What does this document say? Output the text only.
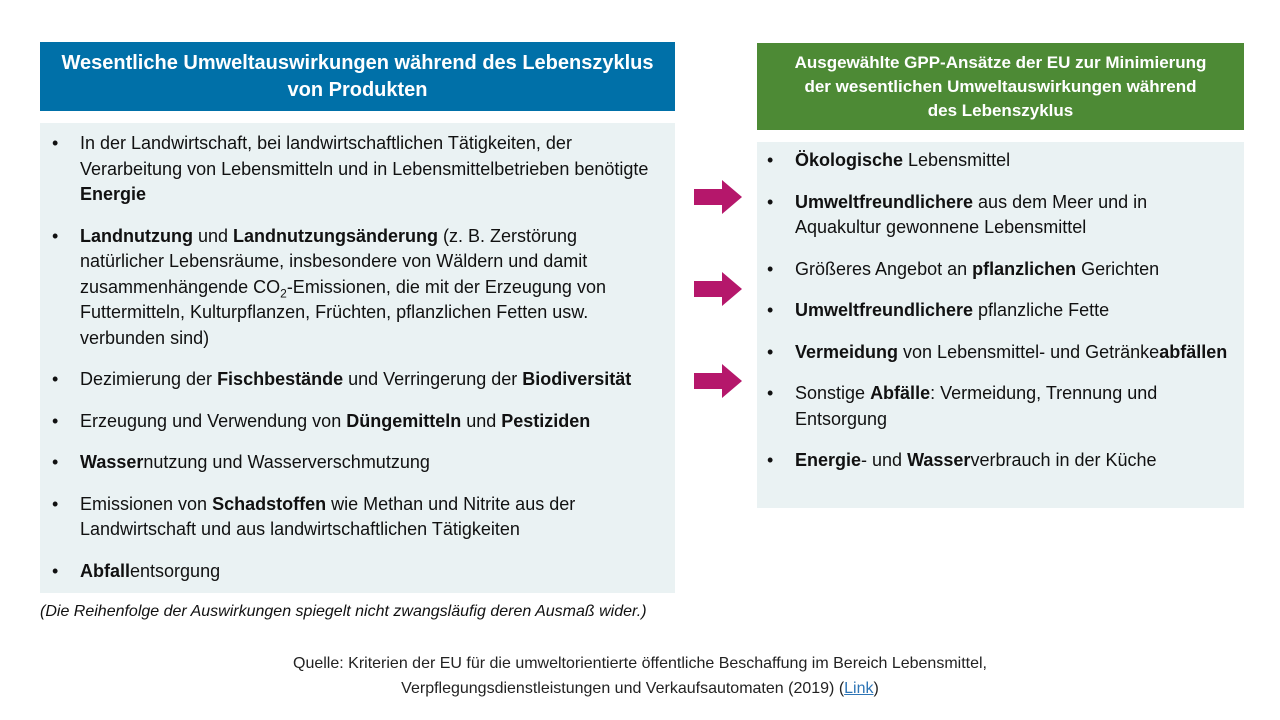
Wesentliche Umweltauswirkungen während des Lebenszyklus
von Produkten
Ausgewählte GPP-Ansätze der EU zur Minimierung
der wesentlichen Umweltauswirkungen während
des Lebenszyklus
• In der Landwirtschaft, bei landwirtschaftlichen Tätigkeiten, der Verarbeitung von Lebensmitteln und in Lebensmittelbetrieben benötigte Energie
• Landnutzung und Landnutzungsänderung (z. B. Zerstörung natürlicher Lebensräume, insbesondere von Wäldern und damit zusammenhängende $CO_2$-Emissionen, die mit der Erzeugung von Futtermitteln, Kulturpflanzen, Früchten, pflanzlichen Fetten usw. verbunden sind)
• Dezimierung der Fischbestände und Verringerung der Biodiversität
• Erzeugung und Verwendung von Düngemitteln und Pestiziden
• Wassernutzung und Wasserverschmutzung
• Emissionen von Schadstoffen wie Methan und Nitrite aus der Landwirtschaft und aus landwirtschaftlichen Tätigkeiten
• Abfallentsorgung
• Ökologische Lebensmittel
• Umweltfreundlichere aus dem Meer und in Aquakultur gewonnene Lebensmittel
• Größeres Angebot an pflanzlichen Gerichten
• Umweltfreundlichere pflanzliche Fette
• Vermeidung von Lebensmittel- und Getränkeabfällen
• Sonstige Abfälle: Vermeidung, Trennung und Entsorgung
• Energie- und Wasserverbrauch in der Küche
(Die Reihenfolge der Auswirkungen spiegelt nicht zwangsläufig deren Ausmaß wider.)
Quelle: Kriterien der EU für die umweltorientierte öffentliche Beschaffung im Bereich Lebensmittel,
Verpflegungsdienstleistungen und Verkaufsautomaten (2019) (Link)
